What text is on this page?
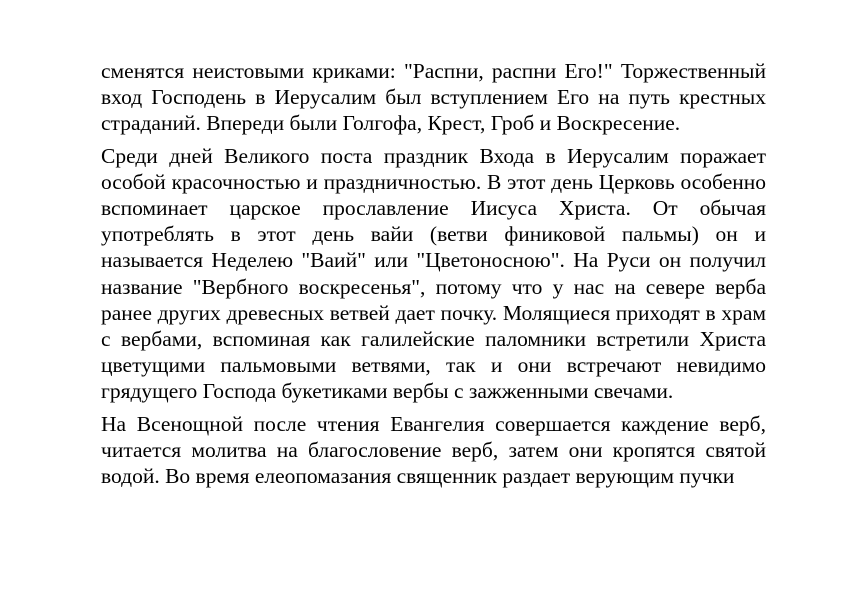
сменятся неистовыми криками: "Распни, распни Его!" Торжественный вход Господень в Иерусалим был вступлением Его на путь крестных страданий. Впереди были Голгофа, Крест, Гроб и Воскресение.

Среди дней Великого поста праздник Входа в Иерусалим поражает особой красочностью и праздничностью. В этот день Церковь особенно вспоминает царское прославление Иисуса Христа. От обычая употреблять в этот день вайи (ветви финиковой пальмы) он и называется Неделею "Ваий" или "Цветоносною". На Руси он получил название "Вербного воскресенья", потому что у нас на севере верба ранее других древесных ветвей дает почку. Молящиеся приходят в храм с вербами, вспоминая как галилейские паломники встретили Христа цветущими пальмовыми ветвями, так и они встречают невидимо грядущего Господа букетиками вербы с зажженными свечами.

На Всенощной после чтения Евангелия совершается каждение верб, читается молитва на благословение верб, затем они кропятся святой водой. Во время елеопомазания священник раздает верующим пучки
